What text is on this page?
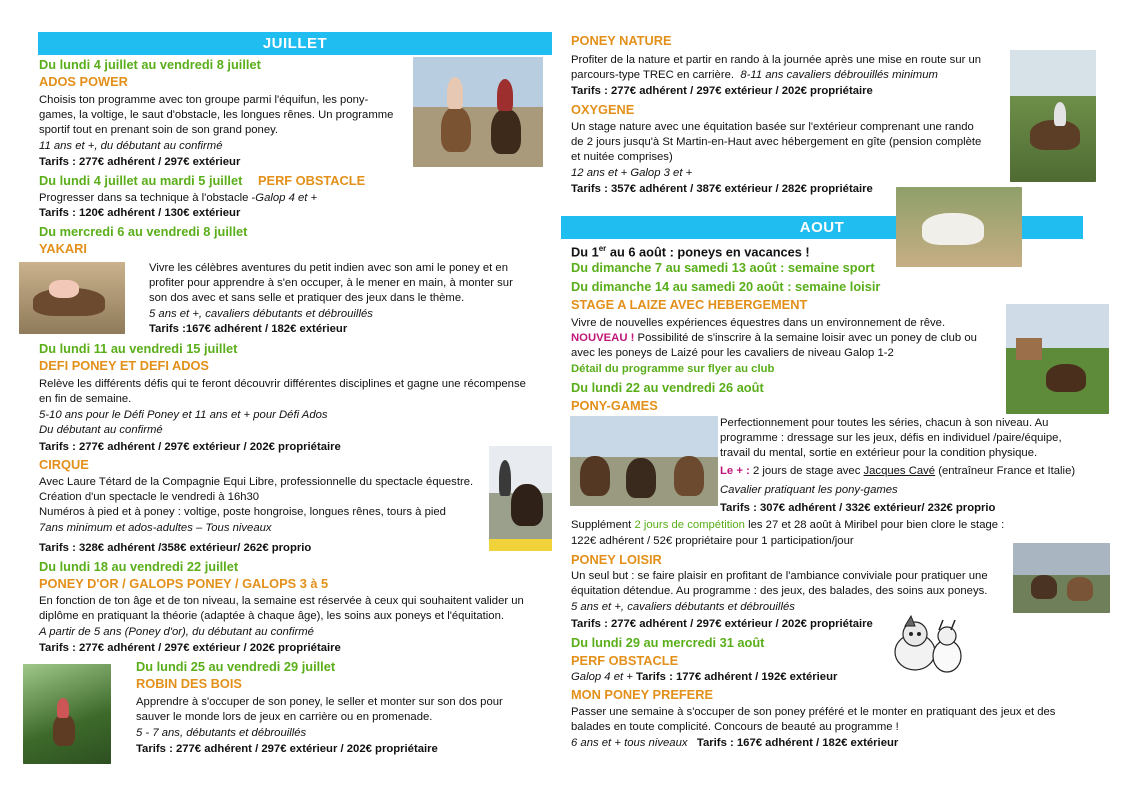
JUILLET
Du lundi 4 juillet au vendredi 8 juillet
ADOS POWER
Choisis ton programme avec ton groupe parmi l'équifun, les pony-
games, la voltige, le saut d'obstacle, les longues rênes. Un programme
sportif tout en prenant soin de son grand poney.
11 ans et +, du débutant au confirmé
Tarifs : 277€ adhérent / 297€ extérieur
Du lundi 4 juillet au mardi 5 juillet PERF OBSTACLE
Progresser dans sa technique à l'obstacle -Galop 4 et +
Tarifs : 120€ adhérent / 130€ extérieur
Du mercredi 6 au vendredi 8 juillet
YAKARI
Vivre les célèbres aventures du petit indien avec son ami le poney et en
profiter pour apprendre à s'en occuper, à le mener en main, à monter sur
son dos avec et sans selle et pratiquer des jeux dans le thème.
5 ans et +, cavaliers débutants et débrouillés
Tarifs :167€ adhérent / 182€ extérieur
Du lundi 11 au vendredi 15 juillet
DEFI PONEY ET DEFI ADOS
Relève les différents défis qui te feront découvrir différentes disciplines et gagne une récompense
en fin de semaine.
5-10 ans pour le Défi Poney et 11 ans et + pour Défi Ados
Du débutant au confirmé
Tarifs : 277€ adhérent / 297€ extérieur / 202€ propriétaire
CIRQUE
Avec Laure Tétard de la Compagnie Equi Libre, professionnelle du spectacle équestre.
Création d'un spectacle le vendredi à 16h30
Numéros à pied et à poney : voltige, poste hongroise, longues rênes, tours à pied
7ans minimum et ados-adultes – Tous niveaux
Tarifs : 328€ adhérent /358€ extérieur/ 262€ proprio
Du lundi 18 au vendredi 22 juillet
PONEY D'OR / GALOPS PONEY / GALOPS 3 à 5
En fonction de ton âge et de ton niveau, la semaine est réservée à ceux qui souhaitent valider un
diplôme en pratiquant la théorie (adaptée à chaque âge), les soins aux poneys et l'équitation.
A partir de 5 ans (Poney d'or), du débutant au confirmé
Tarifs : 277€ adhérent / 297€ extérieur / 202€ propriétaire
Du lundi 25 au vendredi 29 juillet
ROBIN DES BOIS
Apprendre à s'occuper de son poney, le seller et monter sur son dos pour
sauver le monde lors de jeux en carrière ou en promenade.
5 - 7 ans, débutants et débrouillés
Tarifs : 277€ adhérent / 297€ extérieur / 202€ propriétaire
PONEY NATURE
Profiter de la nature et partir en rando à la journée après une mise en route sur un
parcours-type TREC en carrière. 8-11 ans cavaliers débrouillés minimum
Tarifs : 277€ adhérent / 297€ extérieur / 202€ propriétaire
OXYGENE
Un stage nature avec une équitation basée sur l'extérieur comprenant une rando
de 2 jours jusqu'à St Martin-en-Haut avec hébergement en gîte (pension complète
et nuitée comprises)
12 ans et + Galop 3 et +
Tarifs : 357€ adhérent / 387€ extérieur / 282€ propriétaire
AOUT
Du 1er au 6 août : poneys en vacances !
Du dimanche 7 au samedi 13 août : semaine sport
Du dimanche 14 au samedi 20 août : semaine loisir
STAGE A LAIZE AVEC HEBERGEMENT
Vivre de nouvelles expériences équestres dans un environnement de rêve.
NOUVEAU ! Possibilité de s'inscrire à la semaine loisir avec un poney de club ou
avec les poneys de Laizé pour les cavaliers de niveau Galop 1-2
Détail du programme sur flyer au club
Du lundi 22 au vendredi 26 août
PONY-GAMES
Perfectionnement pour toutes les séries, chacun à son niveau. Au
programme : dressage sur les jeux, défis en individuel /paire/équipe,
travail du mental, sortie en extérieur pour la condition physique.
Le + : 2 jours de stage avec Jacques Cavé (entraîneur France et Italie)
Cavalier pratiquant les pony-games
Tarifs : 307€ adhérent / 332€ extérieur/ 232€ proprio
Supplément 2 jours de compétition les 27 et 28 août à Miribel pour bien clore le stage :
122€ adhérent / 52€ propriétaire pour 1 participation/jour
PONEY LOISIR
Un seul but : se faire plaisir en profitant de l'ambiance conviviale pour pratiquer une
équitation détendue. Au programme : des jeux, des balades, des soins aux poneys.
5 ans et +, cavaliers débutants et débrouillés
Tarifs : 277€ adhérent / 297€ extérieur / 202€ propriétaire
Du lundi 29 au mercredi 31 août
PERF OBSTACLE
Galop 4 et + Tarifs : 177€ adhérent / 192€ extérieur
MON PONEY PREFERE
Passer une semaine à s'occuper de son poney préféré et le monter en pratiquant des jeux et des
balades en toute complicité. Concours de beauté au programme !
6 ans et + tous niveaux Tarifs : 167€ adhérent / 182€ extérieur
